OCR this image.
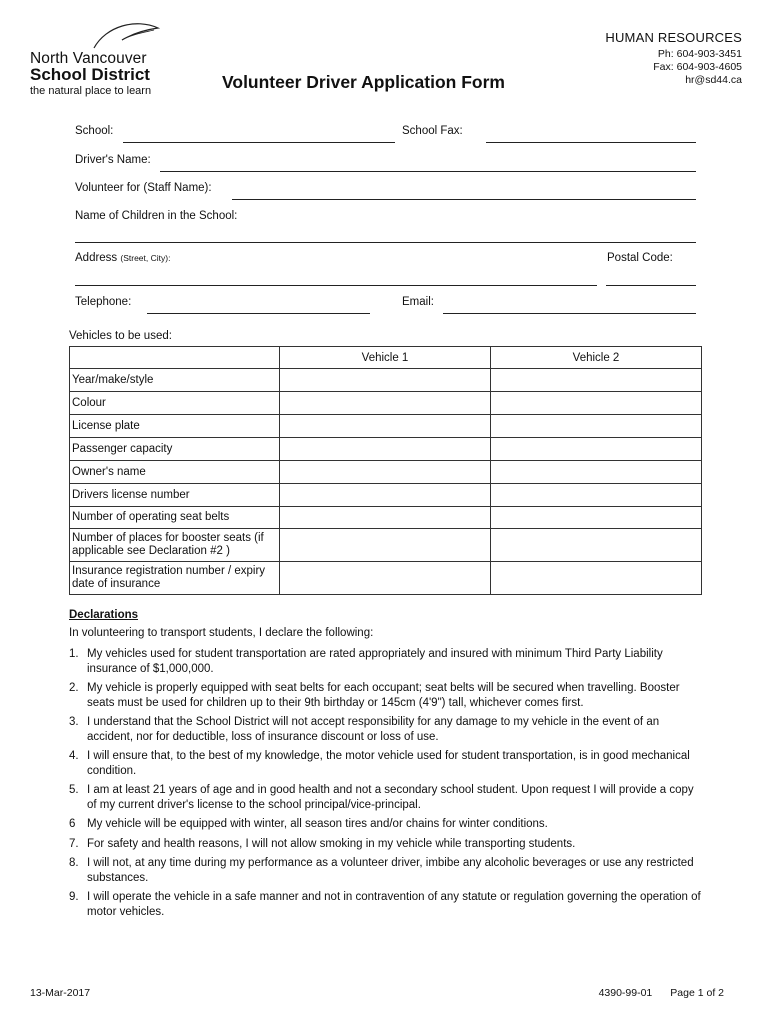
North Vancouver
School District
the natural place to learn	Volunteer Driver Application Form
HUMAN RESOURCES
Ph: 604-903-3451
Fax: 604-903-4605
hr@sd44.ca
School:	School Fax:
Driver's Name:
Volunteer for (Staff Name):
Name of Children in the School:
Address (Street, City):	Postal Code:
Telephone:	Email:
Vehicles to be used:
	Vehicle 1	Vehicle 2
Year/make/style		
Colour		
License plate		
Passenger capacity		
Owner's name		
Drivers license number		
Number of operating seat belts		
Number of places for booster seats (if applicable see Declaration #2 )		
Insurance registration number / expiry date of insurance		
Declarations
In volunteering to transport students, I declare the following:
1. My vehicles used for student transportation are rated appropriately and insured with minimum Third Party Liability insurance of $1,000,000.
2. My vehicle is properly equipped with seat belts for each occupant; seat belts will be secured when travelling. Booster seats must be used for children up to their 9th birthday or 145cm (4'9") tall, whichever comes first.
3. I understand that the School District will not accept responsibility for any damage to my vehicle in the event of an accident, nor for deductible, loss of insurance discount or loss of use.
4. I will ensure that, to the best of my knowledge, the motor vehicle used for student transportation, is in good mechanical condition.
5. I am at least 21 years of age and in good health and not a secondary school student. Upon request I will provide a copy of my current driver's license to the school principal/vice-principal.
6 My vehicle will be equipped with winter, all season tires and/or chains for winter conditions.
7. For safety and health reasons, I will not allow smoking in my vehicle while transporting students.
8. I will not, at any time during my performance as a volunteer driver, imbibe any alcoholic beverages or use any restricted substances.
9. I will operate the vehicle in a safe manner and not in contravention of any statute or regulation governing the operation of motor vehicles.
13-Mar-2017	4390-99-01 Page 1 of 2
